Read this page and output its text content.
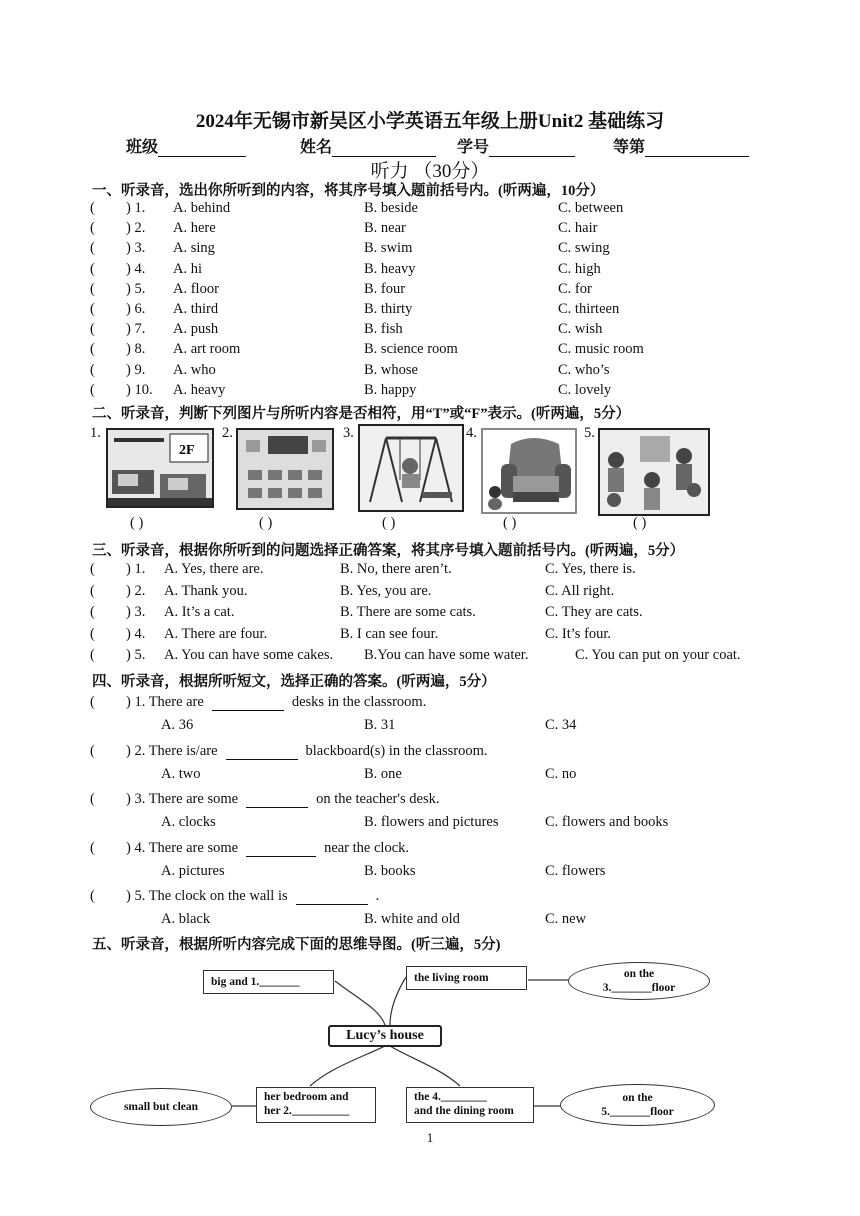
2024年无锡市新吴区小学英语五年级上册Unit2 基础练习
班级	姓名	学号	等第
听力 （30分）
一、听录音，选出你所听到的内容，将其序号填入题前括号内。(听两遍，10分）
( ) 1. A. behind	B. beside	C. between
( ) 2. A. here	B. near	C. hair
( ) 3. A. sing	B. swim	C. swing
( ) 4. A. hi	B. heavy	C. high
( ) 5. A. floor	B. four	C. for
( ) 6. A. third	B. thirty	C. thirteen
( ) 7. A. push	B. fish	C. wish
( ) 8. A. art room	B. science room	C. music room
( ) 9. A. who	B. whose	C. who’s
( ) 10. A. heavy	B. happy	C. lovely
二、听录音，判断下列图片与所听内容是否相符，用“T”或“F”表示。(听两遍，5分）
1.
2F
2.	3.	4.	5.
( )	( )	( )	( )	( )
三、听录音，根据你所听到的问题选择正确答案，将其序号填入题前括号内。(听两遍，5分）
( ) 1. A. Yes, there are.	B. No, there aren’t.	C. Yes, there is.
( ) 2. A. Thank you.	B. Yes, you are.	C. All right.
( ) 3. A. It’s a cat.	B. There are some cats.	C. They are cats.
( ) 4. A. There are four.	B. I can see four.	C. It’s four.
( ) 5. A. You can have some cakes. B.You can have some water.	C. You can put on your coat.
四、听录音，根据所听短文，选择正确的答案。(听两遍，5分）
( ) 1. There are	desks in the classroom.
A. 36	B. 31	C. 34
( ) 2. There is/are	blackboard(s) in the classroom.
A. two	B. one	C. no
( ) 3. There are some	on the teacher's desk.
A. clocks	B. flowers and pictures	C. flowers and books
( ) 4. There are some	near the clock.
A. pictures	B. books	C. flowers
( ) 5. The clock on the wall is	.
A. black	B. white and old	C. new
五、听录音，根据所听内容完成下面的思维导图。(听三遍，5分)
big and 1._______	the living room	on the
3._______floor
Lucy’s house
small but clean
her bedroom and
her 2.__________
the 4.________
and the dining room
on the
5._______floor
1
